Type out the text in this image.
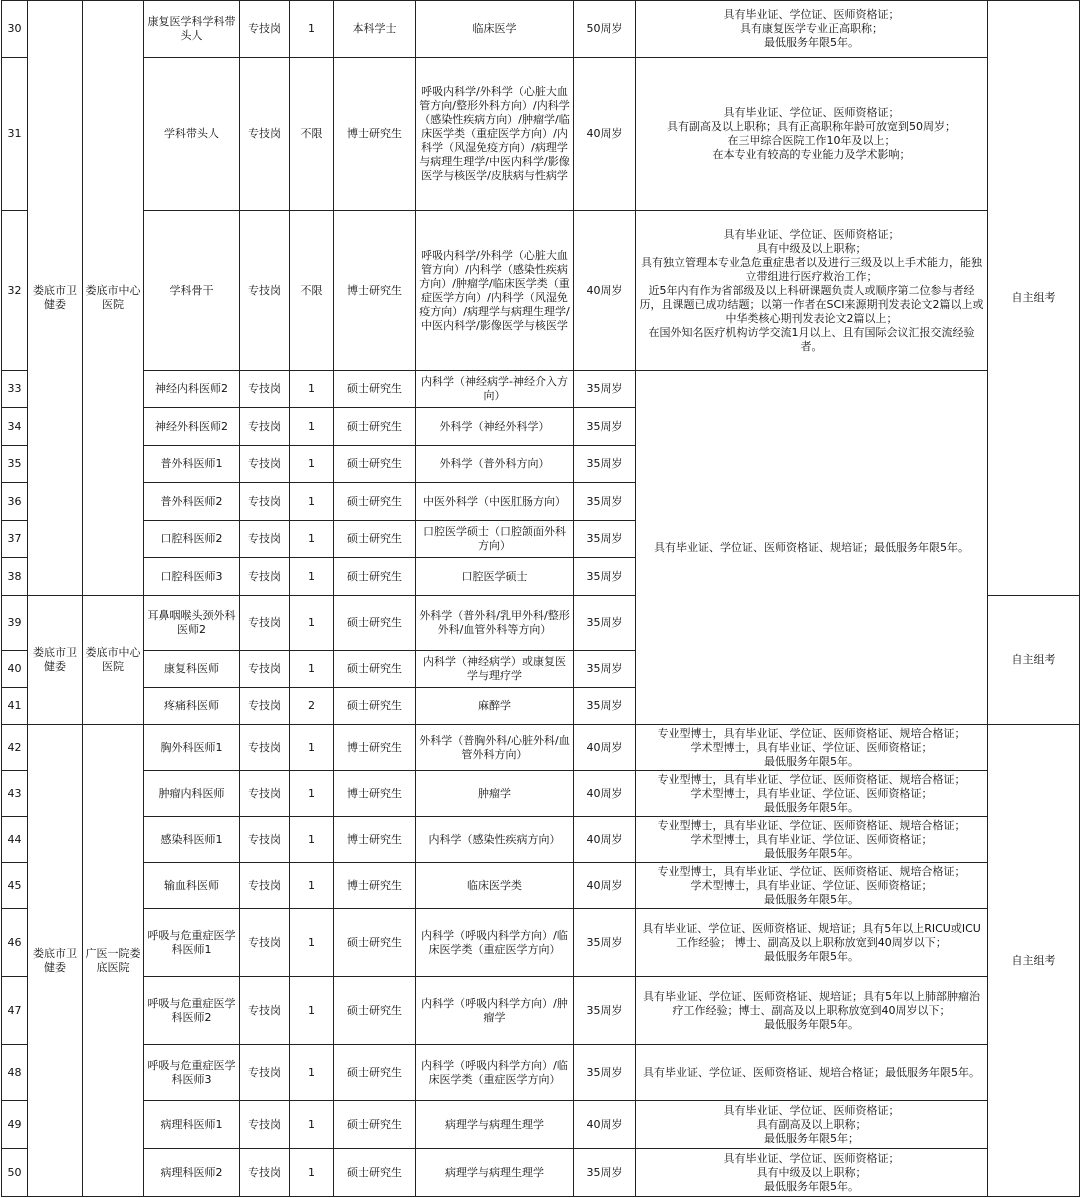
30	娄底市卫健委	娄底市中心医院	康复医学科学科带头人	专技岗	1	本科学士	临床医学	50周岁	具有毕业证、学位证、医师资格证；
具有康复医学专业正高职称；
最低服务年限5年。	自主组考
31			学科带头人	专技岗	不限	博士研究生	呼吸内科学/外科学（心脏大血管方向/整形外科方向）/内科学（感染性疾病方向）/肿瘤学/临床医学类（重症医学方向）/内科学（风湿免疫方向）/病理学与病理生理学/中医内科学/影像医学与核医学/皮肤病与性病学	40周岁	具有毕业证、学位证、医师资格证；
具有副高及以上职称；具有正高职称年龄可放宽到50周岁；
在三甲综合医院工作10年及以上；
在本专业有较高的专业能力及学术影响；	
32			学科骨干	专技岗	不限	博士研究生	呼吸内科学/外科学（心脏大血管方向）/内科学（感染性疾病方向）/肿瘤学/临床医学类（重症医学方向）/内科学（风湿免疫方向）/病理学与病理生理学/中医内科学/影像医学与核医学	40周岁	具有毕业证、学位证、医师资格证；
具有中级及以上职称；
具有独立管理本专业急危重症患者以及进行三级及以上手术能力，能独立带组进行医疗救治工作；
近5年内有作为省部级及以上科研课题负责人或顺序第二位参与者经历，且课题已成功结题；以第一作者在SCI来源期刊发表论文2篇以上或中华类核心期刊发表论文2篇以上；
在国外知名医疗机构访学交流1月以上、且有国际会议汇报交流经验者。	
33			神经内科医师2	专技岗	1	硕士研究生	内科学（神经病学-神经介入方向）	35周岁	具有毕业证、学位证、医师资格证、规培证；最低服务年限5年。	
34			神经外科医师2	专技岗	1	硕士研究生	外科学（神经外科学）	35周岁		
35			普外科医师1	专技岗	1	硕士研究生	外科学（普外科方向）	35周岁		
36			普外科医师2	专技岗	1	硕士研究生	中医外科学（中医肛肠方向）	35周岁		
37			口腔科医师2	专技岗	1	硕士研究生	口腔医学硕士（口腔颌面外科方向）	35周岁		
38			口腔科医师3	专技岗	1	硕士研究生	口腔医学硕士	35周岁		
39	娄底市卫健委	娄底市中心医院	耳鼻咽喉头颈外科医师2	专技岗	1	硕士研究生	外科学（普外科/乳甲外科/整形外科/血管外科等方向）	35周岁		自主组考
40			康复科医师	专技岗	1	硕士研究生	内科学（神经病学）或康复医学与理疗学	35周岁		
41			疼痛科医师	专技岗	2	硕士研究生	麻醉学	35周岁		
42	娄底市卫健委	广医一院娄底医院	胸外科医师1	专技岗	1	博士研究生	外科学（普胸外科/心脏外科/血管外科方向）	40周岁	专业型博士，具有毕业证、学位证、医师资格证、规培合格证；
学术型博士，具有毕业证、学位证、医师资格证；
最低服务年限5年。	自主组考
43			肿瘤内科医师	专技岗	1	博士研究生	肿瘤学	40周岁	专业型博士，具有毕业证、学位证、医师资格证、规培合格证；
学术型博士，具有毕业证、学位证、医师资格证；
最低服务年限5年。	
44			感染科医师1	专技岗	1	博士研究生	内科学（感染性疾病方向）	40周岁	专业型博士，具有毕业证、学位证、医师资格证、规培合格证；
学术型博士，具有毕业证、学位证、医师资格证；
最低服务年限5年。	
45			输血科医师	专技岗	1	博士研究生	临床医学类	40周岁	专业型博士，具有毕业证、学位证、医师资格证、规培合格证；
学术型博士，具有毕业证、学位证、医师资格证；
最低服务年限5年。	
46			呼吸与危重症医学科医师1	专技岗	1	硕士研究生	内科学（呼吸内科学方向）/临床医学类（重症医学方向）	35周岁	具有毕业证、学位证、医师资格证、规培证；具有5年以上RICU或ICU工作经验； 博士、副高及以上职称放宽到40周岁以下；
最低服务年限5年。	
47			呼吸与危重症医学科医师2	专技岗	1	硕士研究生	内科学（呼吸内科学方向）/肿瘤学	35周岁	具有毕业证、学位证、医师资格证、规培证；具有5年以上肺部肿瘤治疗工作经验；博士、副高及以上职称放宽到40周岁以下；
最低服务年限5年。	
48			呼吸与危重症医学科医师3	专技岗	1	硕士研究生	内科学（呼吸内科学方向）/临床医学类（重症医学方向）	35周岁	具有毕业证、学位证、医师资格证、规培合格证；最低服务年限5年。	
49			病理科医师1	专技岗	1	硕士研究生	病理学与病理生理学	40周岁	具有毕业证、学位证、医师资格证；
具有副高及以上职称；
最低服务年限5年；	
50			病理科医师2	专技岗	1	硕士研究生	病理学与病理生理学	35周岁	具有毕业证、学位证、医师资格证；
具有中级及以上职称；
最低服务年限5年。	
